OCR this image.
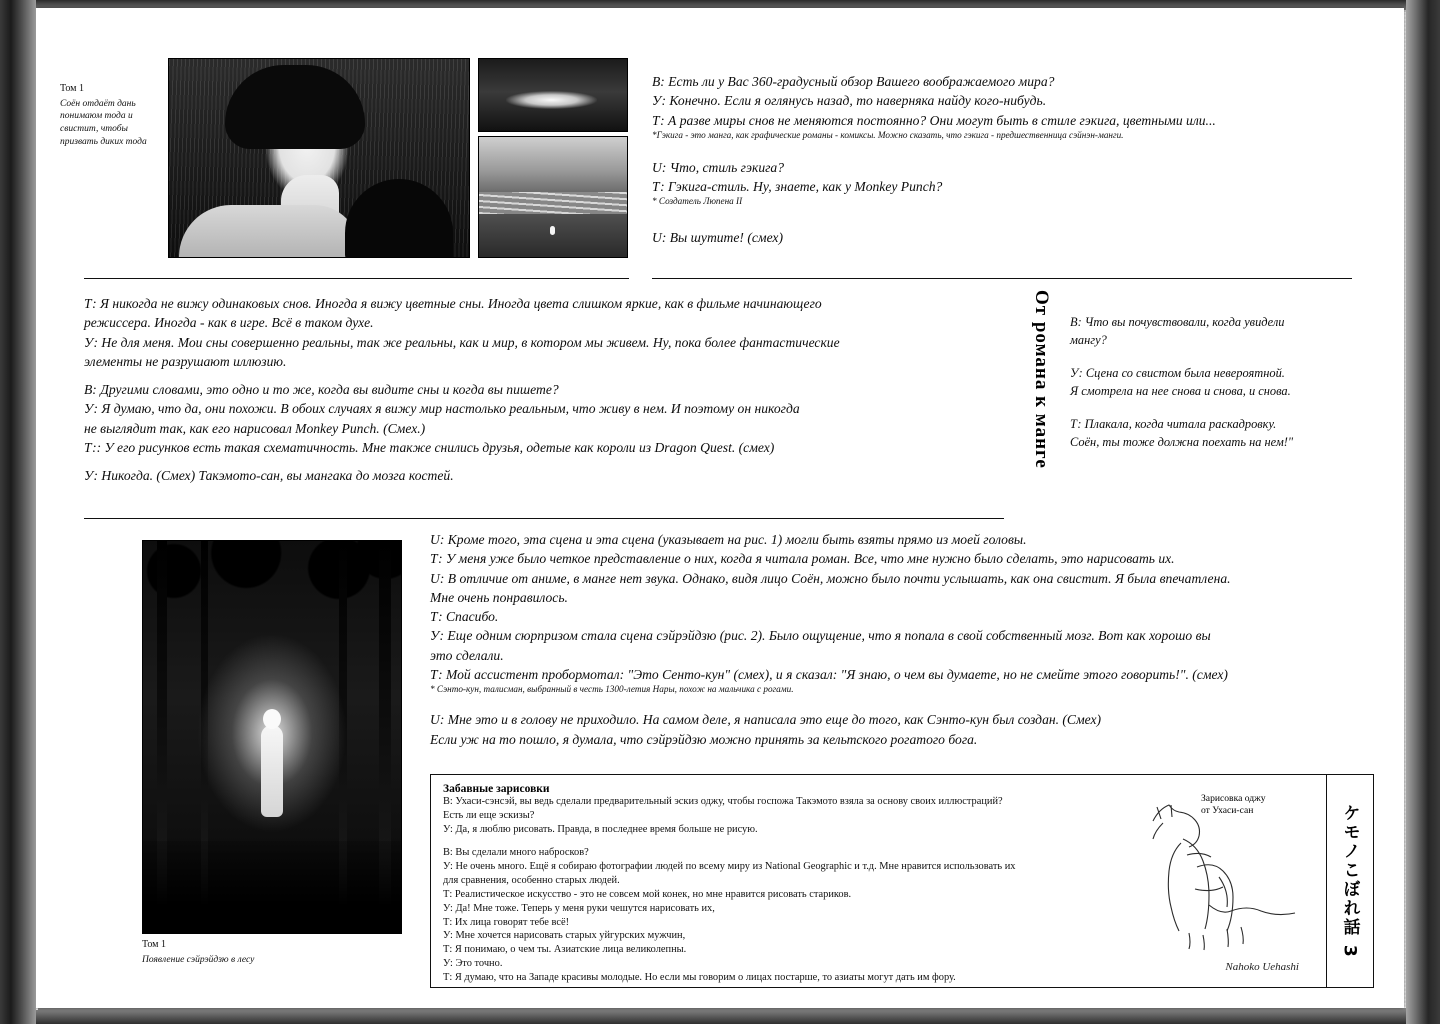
Том 1
Соён отдаёт дань понимаюм тода и свистит, чтобы призвать диких тода
В: Есть ли у Вас 360-градусный обзор Вашего воображаемого мира?
У: Конечно. Если я оглянусь назад, то наверняка найду кого-нибудь.
Т: А разве миры снов не меняются постоянно? Они могут быть в стиле гэкига, цветными или...
*Гэкига - это манга, как графические романы - комиксы. Можно сказать, что гэкига - предшественница сэйнэн-манги.
U: Что, стиль гэкига?
Т: Гэкига-стиль. Ну, знаете, как у Monkey Punch?
* Создатель Люпена II
U: Вы шутите! (смех)
Т: Я никогда не вижу одинаковых снов. Иногда я вижу цветные сны. Иногда цвета слишком яркие, как в фильме начинающего
режиссера. Иногда - как в игре. Всё в таком духе.
У: Не для меня. Мои сны совершенно реальны, так же реальны, как и мир, в котором мы живем. Ну, пока более фантастические
элементы не разрушают иллюзию.
В: Другими словами, это одно и то же, когда вы видите сны и когда вы пишете?
У: Я думаю, что да, они похожи. В обоих случаях я вижу мир настолько реальным, что живу в нем. И поэтому он никогда
не выглядит так, как его нарисовал Monkey Punch. (Смех.)
Т:: У его рисунков есть такая схематичность. Мне также снились друзья, одетые как короли из Dragon Quest. (смех)
У: Никогда. (Смех) Такэмото-сан, вы мангака до мозга костей.
От романа к манге В: Что вы почувствовали, когда увидели
мангу?
У: Сцена со свистом была невероятной.
Я смотрела на нее снова и снова, и снова.
Т: Плакала, когда читала раскадровку.
Соён, ты тоже должна поехать на нем!"
Том 1
Появление сэйрэйдзю в лесу
U: Кроме того, эта сцена и эта сцена (указывает на рис. 1) могли быть взяты прямо из моей головы.
Т: У меня уже было четкое представление о них, когда я читала роман. Все, что мне нужно было сделать, это нарисовать их.
U: В отличие от аниме, в манге нет звука. Однако, видя лицо Соён, можно было почти услышать, как она свистит. Я была впечатлена.
Мне очень понравилось.
Т: Спасибо.
У: Еще одним сюрпризом стала сцена сэйрэйдзю (рис. 2). Было ощущение, что я попала в свой собственный мозг. Вот как хорошо вы
это сделали.
Т: Мой ассистент пробормотал: "Это Сенто-кун" (смех), и я сказал: "Я знаю, о чем вы думаете, но не смейте этого говорить!". (смех)
* Сэнто-кун, талисман, выбранный в честь 1300-летия Нары, похож на мальчика с рогами.
U: Мне это и в голову не приходило. На самом деле, я написала это еще до того, как Сэнто-кун был создан. (Смех)
Если уж на то пошло, я думала, что сэйрэйдзю можно принять за кельтского рогатого бога.
Забавные зарисовки
В: Ухаси-сэнсэй, вы ведь сделали предварительный эскиз оджу, чтобы госпожа Такэмото взяла за основу своих иллюстраций?
Есть ли еще эскизы?
У: Да, я люблю рисовать. Правда, в последнее время больше не рисую.
В: Вы сделали много набросков?
У: Не очень много. Ещё я собираю фотографии людей по всему миру из National Geographic и т.д. Мне нравится использовать их
для сравнения, особенно старых людей.
Т: Реалистическое искусство - это не совсем мой конек, но мне нравится рисовать стариков.
У: Да! Мне тоже. Теперь у меня руки чешутся нарисовать их,
Т: Их лица говорят тебе всё!
У: Мне хочется нарисовать старых уйгурских мужчин,
Т: Я понимаю, о чем ты. Азиатские лица великолепны.
У: Это точно.
Т: Я думаю, что на Западе красивы молодые. Но если мы говорим о лицах постарше, то азиаты могут дать им фору.
Зарисовка оджу
от Ухаси-сан
Nahoko Uehashi
ケモノこぼれ話 3
